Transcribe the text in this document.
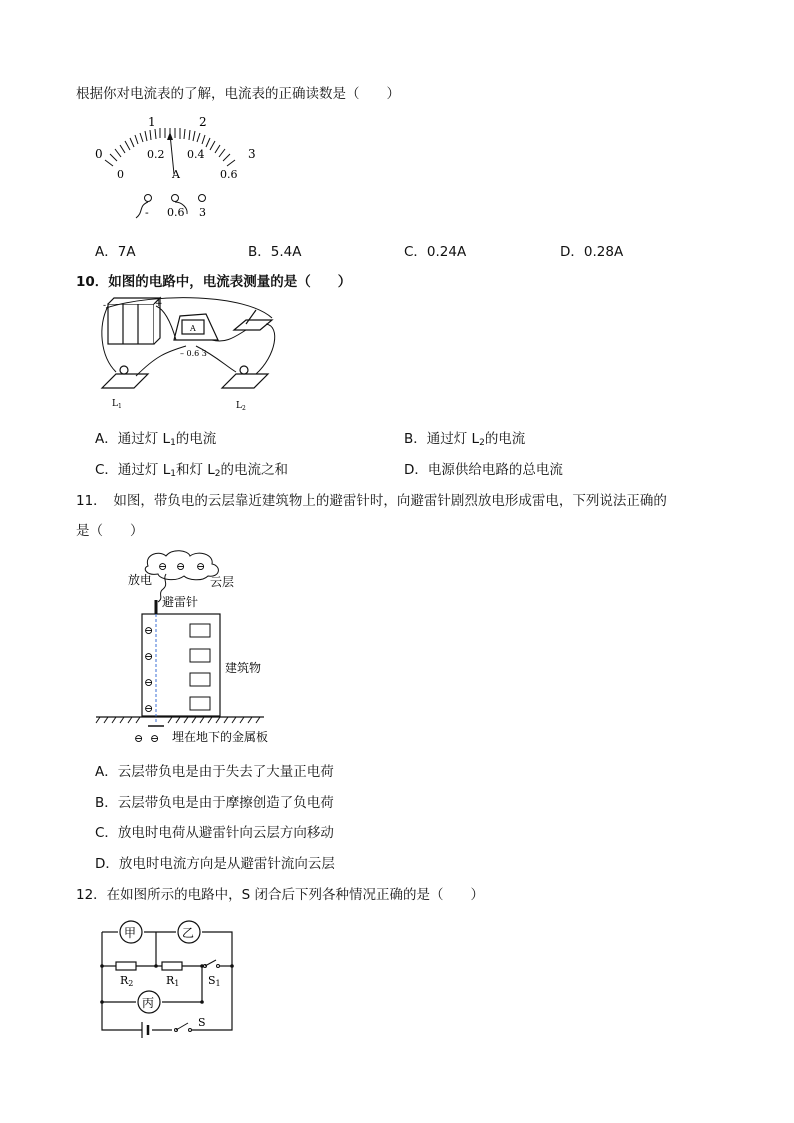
根据你对电流表的了解，电流表的正确读数是（　　）
0
1	2
3
0.2 0.4
0	0.6
A
- 0.6 3
A．7A	B．5.4A	C．0.24A	D．0.28A
10．如图的电路中，电流表测量的是（　　）
-	+
A
– 0.6 3
$L_1$	$L_2$
A．通过灯 $L_1$的电流	B．通过灯 $L_2$的电流
C．通过灯 $L_1$和灯 $L_2$的电流之和	D．电源供给电路的总电流
11．　如图，带负电的云层靠近建筑物上的避雷针时，向避雷针剧烈放电形成雷电，下列说法正确的
是（　　）
⊖ ⊖ ⊖
放电	云层
避雷针
⊖
⊖
⊖
⊖
建筑物
⊖ ⊖ 埋在地下的金属板
A．云层带负电是由于失去了大量正电荷
B．云层带负电是由于摩擦创造了负电荷
C．放电时电荷从避雷针向云层方向移动
D．放电时电流方向是从避雷针流向云层
12．在如图所示的电路中，S 闭合后下列各种情况正确的是（　　）
甲	乙
丙
R2	R1	S1
S
